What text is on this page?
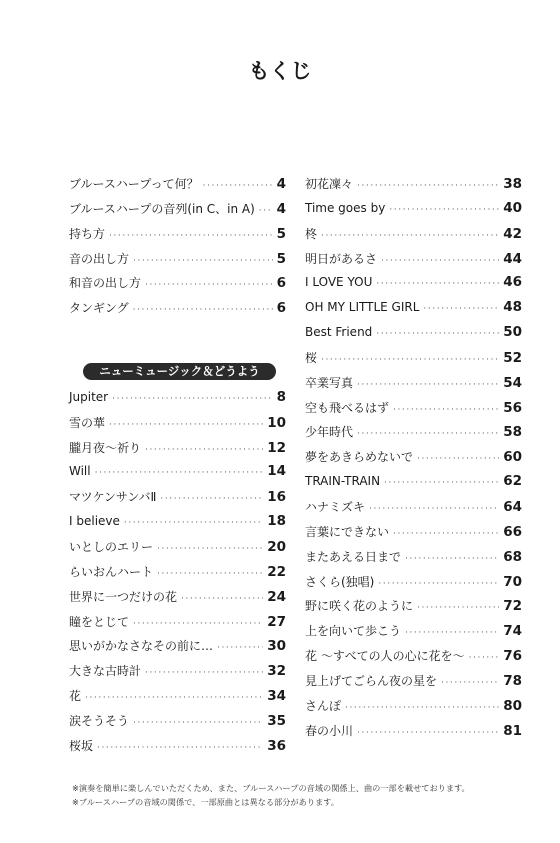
もくじ
ブルースハープって何？ ·····	4
ブルースハープの音列(in C、in A) ····· 4
持ち方 ·····	5
音の出し方 ·····	5
和音の出し方 ·····	6
タンギング ·····	6
ニューミュージック＆どうよう
Jupiter ·····	8
雪の華 ·····	10
朧月夜～祈り ·····	12
Will ·····	14
マツケンサンバⅡ ·····	16
I believe ·····	18
いとしのエリー ·····	20
らいおんハート ·····	22
世界に一つだけの花 ·····	24
瞳をとじて ·····	27
思いがかなさなその前に… ·····	30
大きな古時計 ·····	32
花 ·····	34
涙そうそう ·····	35
桜坂 ·····	36
初花凜々 ·····	38
Time goes by ·····	40
柊 ·····	42
明日があるさ ·····	44
I LOVE YOU ·····	46
OH MY LITTLE GIRL ·····	48
Best Friend ·····	50
桜 ·····	52
卒業写真 ·····	54
空も飛べるはず ·····	56
少年時代 ·····	58
夢をあきらめないで ·····	60
TRAIN-TRAIN ·····	62
ハナミズキ ·····	64
言葉にできない ·····	66
またあえる日まで ·····	68
さくら(独唱) ·····	70
野に咲く花のように ·····	72
上を向いて歩こう ·····	74
花 ～すべての人の心に花を～ ·····	76
見上げてごらん夜の星を ·····	78
さんぽ ·····	80
春の小川 ·····	81
※演奏を簡単に楽しんでいただくため、また、ブルースハープの音域の関係上、曲の一部を載せております。
※ブルースハープの音域の関係で、一部原曲とは異なる部分があります。
